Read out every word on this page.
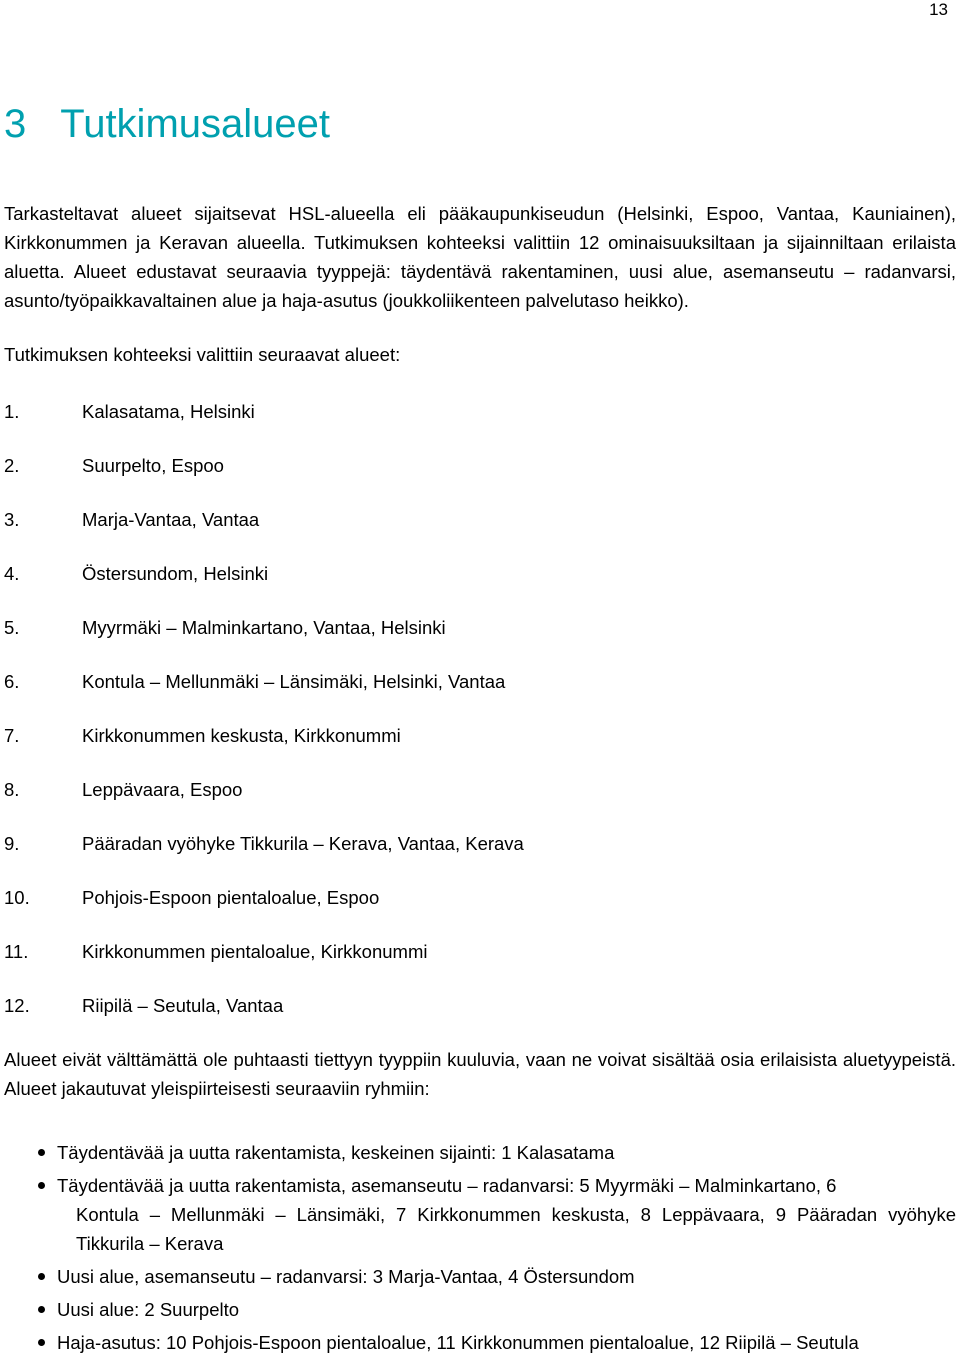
13
3 Tutkimusalueet

Tarkasteltavat alueet sijaitsevat HSL-alueella eli pääkaupunkiseudun (Helsinki, Espoo, Vantaa, Kauniainen), Kirkkonummen ja Keravan alueella. Tutkimuksen kohteeksi valittiin 12 ominaisuuksiltaan ja sijainniltaan erilaista aluetta. Alueet edustavat seuraavia tyyppejä: täydentävä rakentaminen, uusi alue, asemanseutu – radanvarsi, asunto/työpaikkavaltainen alue ja haja-asutus (joukkoliikenteen palvelutaso heikko).

Tutkimuksen kohteeksi valittiin seuraavat alueet:

1.	Kalasatama, Helsinki
2.	Suurpelto, Espoo
3.	Marja-Vantaa, Vantaa
4.	Östersundom, Helsinki
5.	Myyrmäki – Malminkartano, Vantaa, Helsinki
6.	Kontula – Mellunmäki – Länsimäki, Helsinki, Vantaa
7.	Kirkkonummen keskusta, Kirkkonummi
8.	Leppävaara, Espoo
9.	Pääradan vyöhyke Tikkurila – Kerava, Vantaa, Kerava
10.	Pohjois-Espoon pientaloalue, Espoo
11.	Kirkkonummen pientaloalue, Kirkkonummi
12.	Riipilä – Seutula, Vantaa

Alueet eivät välttämättä ole puhtaasti tiettyyn tyyppiin kuuluvia, vaan ne voivat sisältää osia erilaisista aluetyypeistä. Alueet jakautuvat yleispiirteisesti seuraaviin ryhmiin:

Täydentävää ja uutta rakentamista, keskeinen sijainti: 1 Kalasatama
Täydentävää ja uutta rakentamista, asemanseutu – radanvarsi: 5 Myyrmäki – Malminkartano, 6
Kontula – Mellunmäki – Länsimäki, 7 Kirkkonummen keskusta, 8 Leppävaara, 9 Pääradan vyöhyke Tikkurila – Kerava
Uusi alue, asemanseutu – radanvarsi: 3 Marja-Vantaa, 4 Östersundom
Uusi alue: 2 Suurpelto
Haja-asutus: 10 Pohjois-Espoon pientaloalue, 11 Kirkkonummen pientaloalue, 12 Riipilä – Seutula
